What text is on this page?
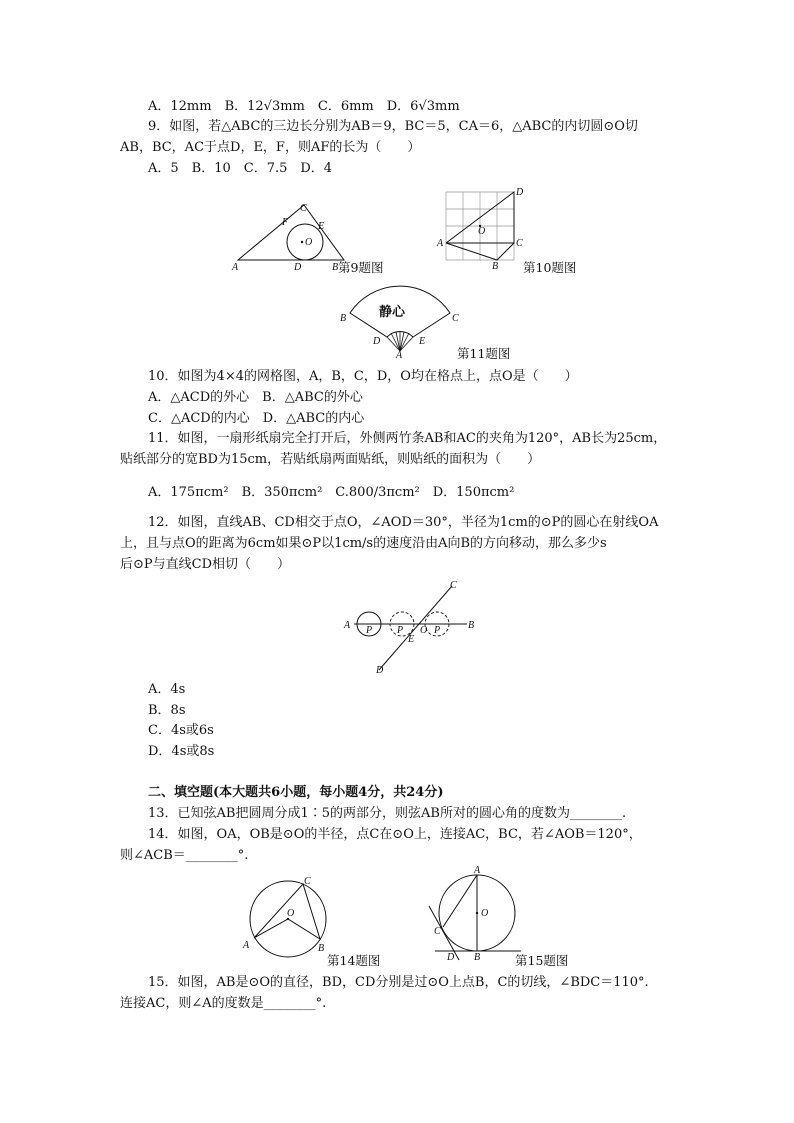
A．12mm　B．12√3mm　C．6mm　D．6√3mm
9．如图，若△ABC的三边长分别为AB＝9，BC＝5，CA＝6，△ABC的内切圆⊙O切
AB，BC，AC于点D，E，F，则AF的长为（　　）
A．5　B．10　C．7.5　D．4
O
A	B
C
D
E
F
第9题图
O
A
B
C
D
第10题图
静心
B	C
D	E
A	第11题图
10．如图为4×4的网格图，A，B，C，D，O均在格点上，点O是（　　）
A．△ACD的外心　B．△ABC的外心
C．△ACD的内心　D．△ABC的内心
11．如图，一扇形纸扇完全打开后，外侧两竹条AB和AC的夹角为120°，AB长为25cm，
贴纸部分的宽BD为15cm，若贴纸扇两面贴纸，则贴纸的面积为（　　）
A．175πcm²　B．350πcm²　C.800/3πcm²　D．150πcm²
12．如图，直线AB、CD相交于点O，∠AOD＝30°，半径为1cm的⊙P的圆心在射线OA
上，且与点O的距离为6cm如果⊙P以1cm/s的速度沿由A向B的方向移动，那么多少s
后⊙P与直线CD相切（　　）
A P P O P	B
E
C
D
A．4s
B．8s
C．4s或6s
D．4s或8s
二、填空题(本大题共6小题，每小题4分，共24分)
13．已知弦AB把圆周分成1∶5的两部分，则弦AB所对的圆心角的度数为________.
14．如图，OA，OB是⊙O的半径，点C在⊙O上，连接AC，BC，若∠AOB＝120°，
则∠ACB＝________°.
O
A	B
C
第14题图
O
A
C
D B	第15题图
15．如图，AB是⊙O的直径，BD，CD分别是过⊙O上点B，C的切线，∠BDC＝110°.
连接AC，则∠A的度数是________°.
